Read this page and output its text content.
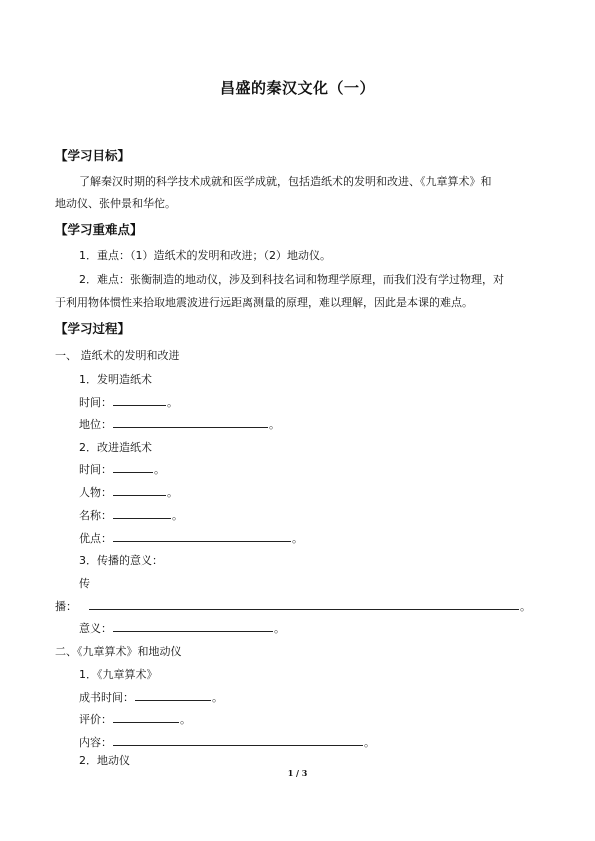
昌盛的秦汉文化（一）
【学习目标】
了解秦汉时期的科学技术成就和医学成就，包括造纸术的发明和改进、《九章算术》和
地动仪、张仲景和华佗。
【学习重难点】
1．重点：（1）造纸术的发明和改进；（2）地动仪。
2．难点：张衡制造的地动仪，涉及到科技名词和物理学原理，而我们没有学过物理，对
于利用物体惯性来拾取地震波进行远距离测量的原理，难以理解，因此是本课的难点。
【学习过程】
一、 造纸术的发明和改进
1．发明造纸术
时间：	。
地位：	。
2．改进造纸术
时间：	。
人物：	。
名称：	。
优点：	。
3．传播的意义：
传
播：	。
意义：	。
二、《九章算术》和地动仪
1．《九章算术》
成书时间：	。
评价：	。
内容：	。
2．地动仪
1 / 3
